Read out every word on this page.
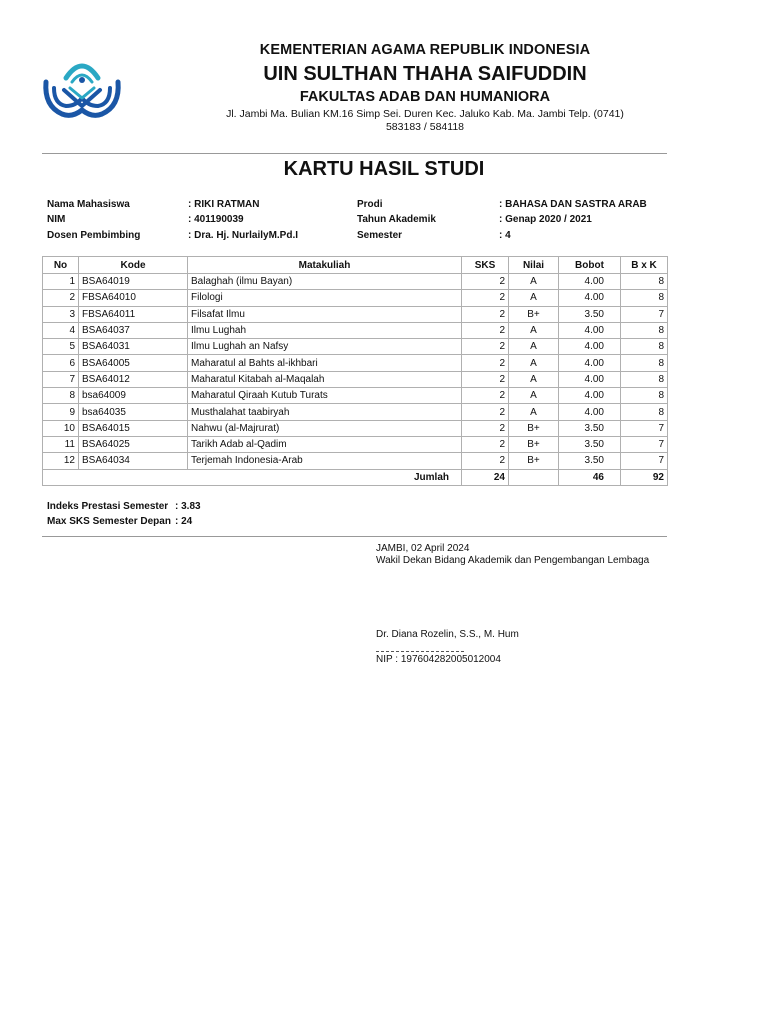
KEMENTERIAN AGAMA REPUBLIK INDONESIA
UIN SULTHAN THAHA SAIFUDDIN
FAKULTAS ADAB DAN HUMANIORA
Jl. Jambi Ma. Bulian KM.16 Simp Sei. Duren Kec. Jaluko Kab. Ma. Jambi Telp. (0741)
583183 / 584118
KARTU HASIL STUDI
Nama Mahasiswa	: RIKI RATMAN
NIM	: 401190039
Dosen Pembimbing	: Dra. Hj. NurlailyM.Pd.I
Prodi	: BAHASA DAN SASTRA ARAB
Tahun Akademik	: Genap 2020 / 2021
Semester	: 4
No	Kode	Matakuliah	SKS	Nilai	Bobot	B x K
1	BSA64019	Balaghah (ilmu Bayan)	2	A	4.00	8
2	FBSA64010	Filologi	2	A	4.00	8
3	FBSA64011	Filsafat Ilmu	2	B+	3.50	7
4	BSA64037	Ilmu Lughah	2	A	4.00	8
5	BSA64031	Ilmu Lughah an Nafsy	2	A	4.00	8
6	BSA64005	Maharatul al Bahts al-ikhbari	2	A	4.00	8
7	BSA64012	Maharatul Kitabah al-Maqalah	2	A	4.00	8
8	bsa64009	Maharatul Qiraah Kutub Turats	2	A	4.00	8
9	bsa64035	Musthalahat taabiryah	2	A	4.00	8
10	BSA64015	Nahwu (al-Majrurat)	2	B+	3.50	7
11	BSA64025	Tarikh Adab al-Qadim	2	B+	3.50	7
12	BSA64034	Terjemah Indonesia-Arab	2	B+	3.50	7
Jumlah			24		46	92
Indeks Prestasi Semester : 3.83
Max SKS Semester Depan : 24
JAMBI, 02 April 2024
Wakil Dekan Bidang Akademik dan Pengembangan Lembaga
Dr. Diana Rozelin, S.S., M. Hum
NIP : 197604282005012004
